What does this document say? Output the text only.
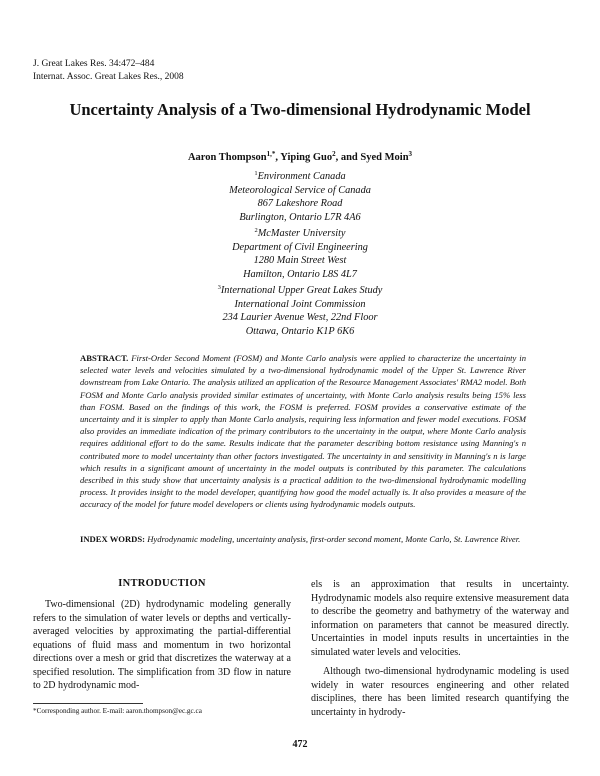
J. Great Lakes Res. 34:472–484
Internat. Assoc. Great Lakes Res., 2008
Uncertainty Analysis of a Two-dimensional Hydrodynamic Model
Aaron Thompson$^{1,*}$, Yiping Guo$^2$, and Syed Moin$^3$
$^1$Environment Canada
Meteorological Service of Canada
867 Lakeshore Road
Burlington, Ontario L7R 4A6
$^2$McMaster University
Department of Civil Engineering
1280 Main Street West
Hamilton, Ontario L8S 4L7
$^3$International Upper Great Lakes Study
International Joint Commission
234 Laurier Avenue West, 22nd Floor
Ottawa, Ontario K1P 6K6
ABSTRACT. First-Order Second Moment (FOSM) and Monte Carlo analysis were applied to characterize the uncertainty in selected water levels and velocities simulated by a two-dimensional hydrodynamic model of the Upper St. Lawrence River downstream from Lake Ontario. The analysis utilized an application of the Resource Management Associates' RMA2 model. Both FOSM and Monte Carlo analysis provided similar estimates of uncertainty, with Monte Carlo analysis results being 15% less than FOSM. Based on the findings of this work, the FOSM is preferred. FOSM provides a conservative estimate of the uncertainty and it is simpler to apply than Monte Carlo analysis, requiring less information and fewer model executions. FOSM also provides an immediate indication of the primary contributors to the uncertainty in the output, where Monte Carlo analysis requires additional effort to do the same. Results indicate that the parameter describing bottom resistance using Manning's n contributed more to model uncertainty than other factors investigated. The uncertainty in and sensitivity in Manning's n is large which results in a significant amount of uncertainty in the model outputs is contributed by this parameter. The calculations described in this study show that uncertainty analysis is a practical addition to the two-dimensional hydrodynamic modelling process. It provides insight to the model developer, quantifying how good the model actually is. It also provides a measure of the accuracy of the model for future model developers or clients using hydrodynamic models outputs.
INDEX WORDS: Hydrodynamic modeling, uncertainty analysis, first-order second moment, Monte Carlo, St. Lawrence River.
INTRODUCTION

Two-dimensional (2D) hydrodynamic modeling generally refers to the simulation of water levels or depths and vertically-averaged velocities by approximating the partial-differential equations of fluid mass and momentum in two horizontal directions over a mesh or grid that discretizes the waterway at a specified resolution. The simplification from 3D flow in nature to 2D hydrodynamic mod-

els is an approximation that results in uncertainty. Hydrodynamic models also require extensive measurement data to describe the geometry and bathymetry of the waterway and information on parameters that cannot be measured directly. Uncertainties in model inputs results in uncertainties in the simulated water levels and velocities.

Although two-dimensional hydrodynamic modeling is used widely in water resources engineering and other related disciplines, there has been limited research quantifying the uncertainty in hydrody-

*Corresponding author. E-mail: aaron.thompson@ec.gc.ca
472
